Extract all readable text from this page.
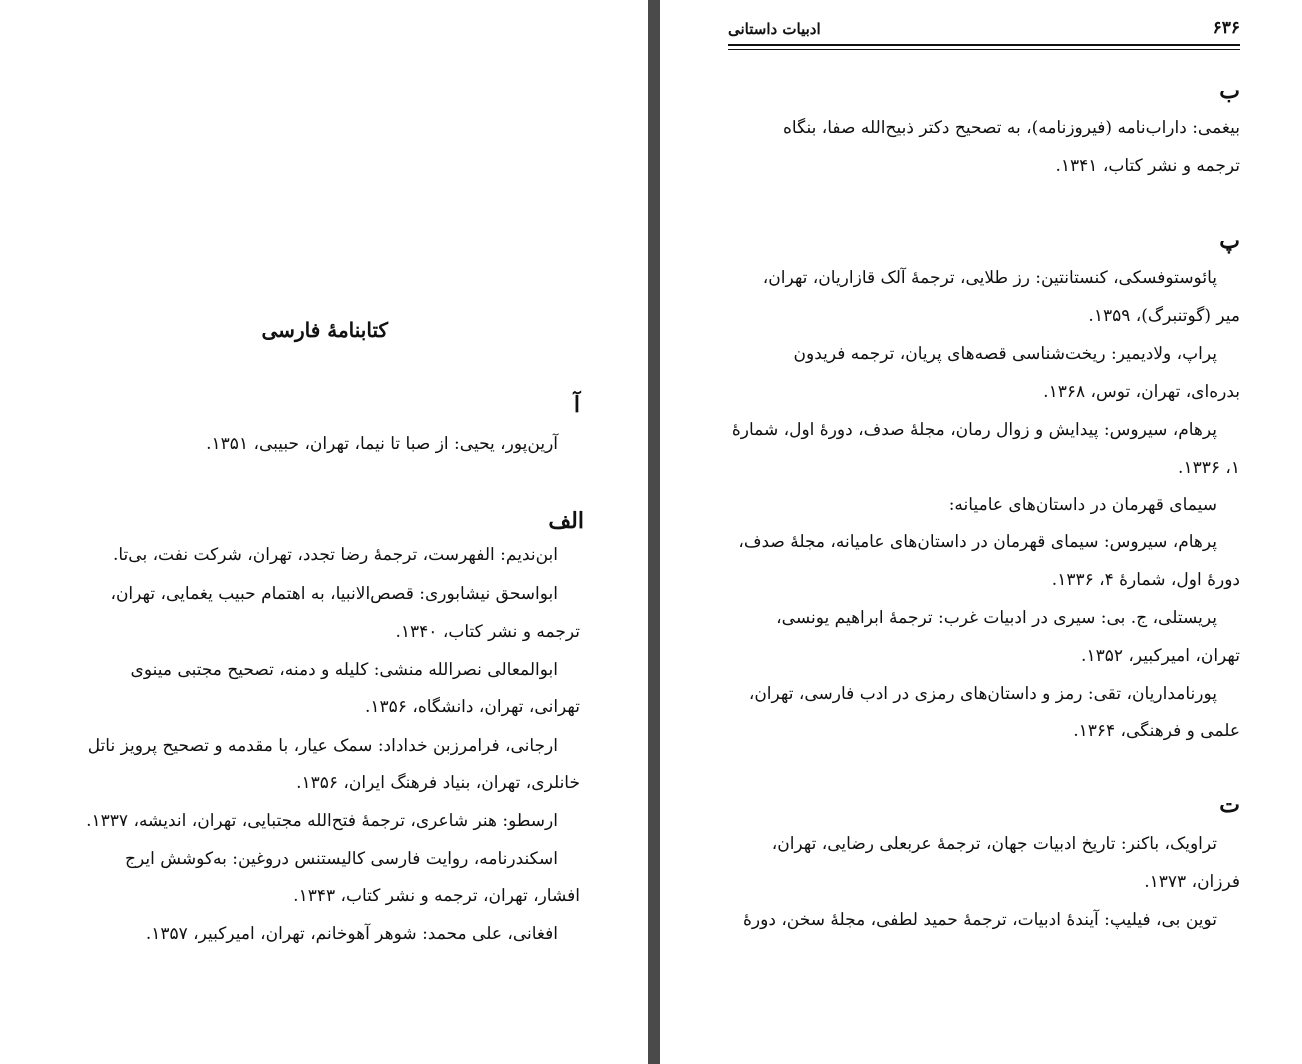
کتابنامهٔ فارسی
آ
آرین‌پور، یحیی: از صبا تا نیما، تهران، حبیبی، ۱۳۵۱.
الف
ابن‌ندیم: الفهرست، ترجمهٔ رضا تجدد، تهران، شرکت نفت، بی‌تا.
ابواسحق نیشابوری: قصص‌الانبیا، به اهتمام حبیب یغمایی، تهران،
ترجمه و نشر کتاب، ۱۳۴۰.
ابوالمعالی نصرالله منشی: کلیله و دمنه، تصحیح مجتبی مینوی
تهرانی، تهران، دانشگاه، ۱۳۵۶.
ارجانی، فرامرزبن خداداد: سمک عیار، با مقدمه و تصحیح پرویز ناتل
خانلری، تهران، بنیاد فرهنگ ایران، ۱۳۵۶.
ارسطو: هنر شاعری، ترجمهٔ فتح‌الله مجتبایی، تهران، اندیشه، ۱۳۳۷.
اسکندرنامه، روایت فارسی کالیستنس دروغین: به‌کوشش ایرج
افشار، تهران، ترجمه و نشر کتاب، ۱۳۴۳.
افغانی، علی محمد: شوهر آهوخانم، تهران، امیرکبیر، ۱۳۵۷.
۶۳۶
ادبیات داستانی
ب
بیغمی: داراب‌نامه (فیروزنامه)، به تصحیح دکتر ذبیح‌الله صفا، بنگاه
ترجمه و نشر کتاب، ۱۳۴۱.
پ
پائوستوفسکی، کنستانتین: رز طلایی، ترجمهٔ آلک قازاریان، تهران،
میر (گوتنبرگ)، ۱۳۵۹.
پراپ، ولادیمیر: ریخت‌شناسی قصه‌های پریان، ترجمه فریدون
بدره‌ای، تهران، توس، ۱۳۶۸.
پرهام، سیروس: پیدایش و زوال رمان، مجلهٔ صدف، دورهٔ اول، شمارهٔ
۱، ۱۳۳۶.
سیمای قهرمان در داستان‌های عامیانه:
پرهام، سیروس: سیمای قهرمان در داستان‌های عامیانه، مجلهٔ صدف،
دورهٔ اول، شمارهٔ ۴، ۱۳۳۶.
پریستلی، ج. بی: سیری در ادبیات غرب: ترجمهٔ ابراهیم یونسی،
تهران، امیرکبیر، ۱۳۵۲.
پورنامداریان، تقی: رمز و داستان‌های رمزی در ادب فارسی، تهران،
علمی و فرهنگی، ۱۳۶۴.
ت
تراویک، باکنر: تاریخ ادبیات جهان، ترجمهٔ عربعلی رضایی، تهران،
فرزان، ۱۳۷۳.
توین بی، فیلیپ: آیندهٔ ادبیات، ترجمهٔ حمید لطفی، مجلهٔ سخن، دورهٔ
